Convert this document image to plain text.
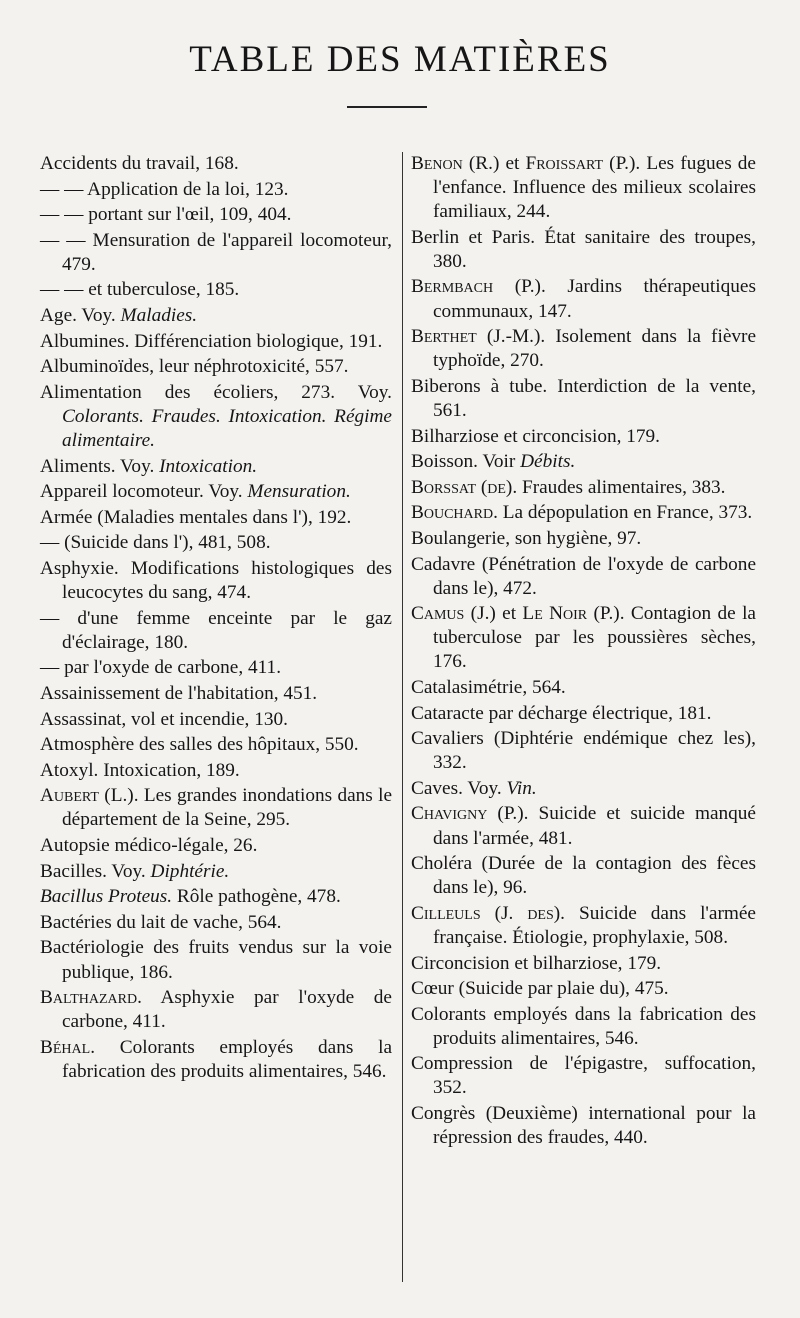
TABLE DES MATIÈRES

Accidents du travail, 168.

— — Application de la loi, 123.

— — portant sur l'œil, 109, 404.

— — Mensuration de l'appareil locomoteur, 479.

— — et tuberculose, 185.

Age. Voy. Maladies.

Albumines. Différenciation biologique, 191.

Albuminoïdes, leur néphrotoxicité, 557.

Alimentation des écoliers, 273. Voy. Colorants. Fraudes. Intoxication. Régime alimentaire.

Aliments. Voy. Intoxication.

Appareil locomoteur. Voy. Mensuration.

Armée (Maladies mentales dans l'), 192.

— (Suicide dans l'), 481, 508.

Asphyxie. Modifications histologiques des leucocytes du sang, 474.

— d'une femme enceinte par le gaz d'éclairage, 180.

— par l'oxyde de carbone, 411.

Assainissement de l'habitation, 451.

Assassinat, vol et incendie, 130.

Atmosphère des salles des hôpitaux, 550.

Atoxyl. Intoxication, 189.

Aubert (L.). Les grandes inondations dans le département de la Seine, 295.

Autopsie médico-légale, 26.

Bacilles. Voy. Diphtérie.

Bacillus Proteus. Rôle pathogène, 478.

Bactéries du lait de vache, 564.

Bactériologie des fruits vendus sur la voie publique, 186.

Balthazard. Asphyxie par l'oxyde de carbone, 411.

Béhal. Colorants employés dans la fabrication des produits alimentaires, 546.

Benon (R.) et Froissart (P.). Les fugues de l'enfance. Influence des milieux scolaires familiaux, 244.

Berlin et Paris. État sanitaire des troupes, 380.

Bermbach (P.). Jardins thérapeutiques communaux, 147.

Berthet (J.-M.). Isolement dans la fièvre typhoïde, 270.

Biberons à tube. Interdiction de la vente, 561.

Bilharziose et circoncision, 179.

Boisson. Voir Débits.

Borssat (de). Fraudes alimentaires, 383.

Bouchard. La dépopulation en France, 373.

Boulangerie, son hygiène, 97.

Cadavre (Pénétration de l'oxyde de carbone dans le), 472.

Camus (J.) et Le Noir (P.). Contagion de la tuberculose par les poussières sèches, 176.

Catalasimétrie, 564.

Cataracte par décharge électrique, 181.

Cavaliers (Diphtérie endémique chez les), 332.

Caves. Voy. Vin.

Chavigny (P.). Suicide et suicide manqué dans l'armée, 481.

Choléra (Durée de la contagion des fèces dans le), 96.

Cilleuls (J. des). Suicide dans l'armée française. Étiologie, prophylaxie, 508.

Circoncision et bilharziose, 179.

Cœur (Suicide par plaie du), 475.

Colorants employés dans la fabrication des produits alimentaires, 546.

Compression de l'épigastre, suffocation, 352.

Congrès (Deuxième) international pour la répression des fraudes, 440.
